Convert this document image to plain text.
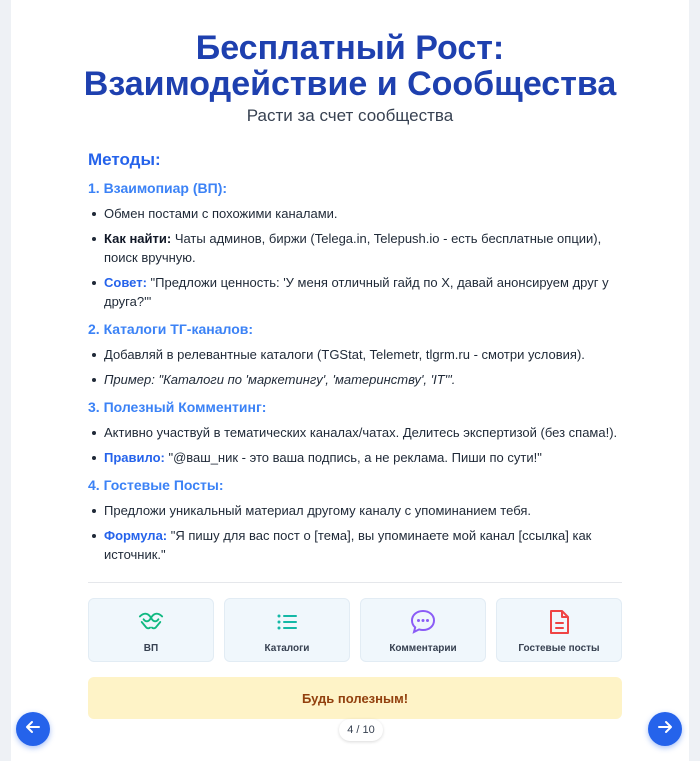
Бесплатный Рост:
Взаимодействие и Сообщества
Расти за счет сообщества
Методы:
1. Взаимопиар (ВП):
Обмен постами с похожими каналами.
Как найти: Чаты админов, биржи (Telega.in, Telepush.io - есть бесплатные опции), поиск вручную.
Совет: "Предложи ценность: 'У меня отличный гайд по Х, давай анонсируем друг у друга?'"
2. Каталоги ТГ-каналов:
Добавляй в релевантные каталоги (TGStat, Telemetr, tlgrm.ru - смотри условия).
Пример: "Каталоги по 'маркетингу', 'материнству', 'IT'".
3. Полезный Комментинг:
Активно участвуй в тематических каналах/чатах. Делитесь экспертизой (без спама!).
Правило: "@ваш_ник - это ваша подпись, а не реклама. Пиши по сути!"
4. Гостевые Посты:
Предложи уникальный материал другому каналу с упоминанием тебя.
Формула: "Я пишу для вас пост о [тема], вы упоминаете мой канал [ссылка] как источник."
ВП	Каталоги	Комментарии	Гостевые посты
Будь полезным!
4 / 10
